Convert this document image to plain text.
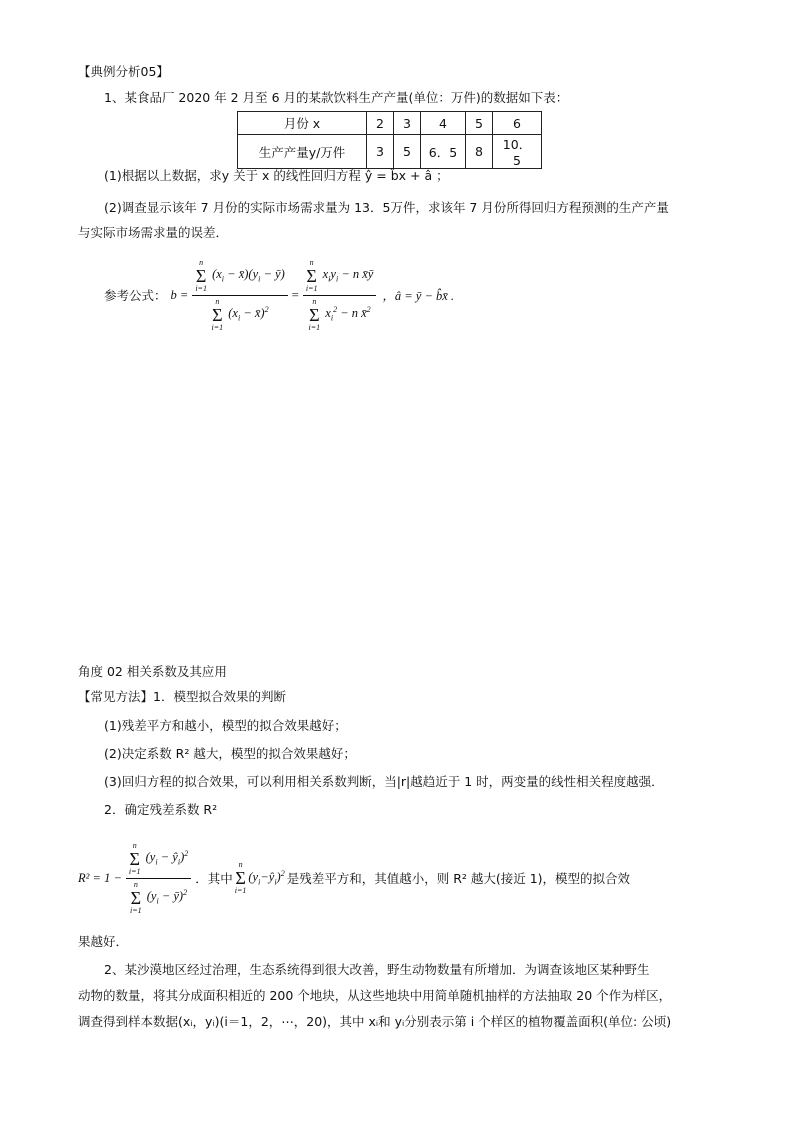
【典例分析05】
1、某食品厂 2020 年 2 月至 6 月的某款饮料生产产量(单位：万件)的数据如下表：
月份 x	2	3	4	5	6
生产产量y/万件	3	5	6．5	8	10．5
(1)根据以上数据，求y 关于 x 的线性回归方程 ŷ = b̂x + â ；
(2)调查显示该年 7 月份的实际市场需求量为 13．5万件，求该年 7 月份所得回归方程预测的生产产量
与实际市场需求量的误差．
参考公式： b = n
Σ
i=1
($x_i$ − $x̄)(y_i$ − ȳ)
n
Σ
i=1
($x_i$ − x̄)$^2$ = n
Σ
i=1
$x_iy_i - n$ x̄ȳ
n
Σ
i=1
$x_i^2 - n$ x̄$^2$ ，â = ȳ − b̂x̄ .
角度 02 相关系数及其应用
【常见方法】1．模型拟合效果的判断
(1)残差平方和越小，模型的拟合效果越好；
(2)决定系数 R² 越大，模型的拟合效果越好；
(3)回归方程的拟合效果，可以利用相关系数判断，当|r|越趋近于 1 时，两变量的线性相关程度越强．
2．确定残差系数 R²
R² = 1 − n
Σ
i=1
($y_i$ − $ŷ_i)^2$
n
Σ
i=1
($y_i$ − ȳ)$^2$ ．其中
n
Σ
i=1
$(y_i-ŷ_i)^2$ 是残差平方和，其值越小，则 R² 越大(接近 1)，模型的拟合效
果越好．
2、某沙漠地区经过治理，生态系统得到很大改善，野生动物数量有所增加．为调查该地区某种野生
动物的数量，将其分成面积相近的 200 个地块，从这些地块中用简单随机抽样的方法抽取 20 个作为样区，
调查得到样本数据(xᵢ，yᵢ)(i＝1，2，⋯，20)，其中 xᵢ和 yᵢ分别表示第 i 个样区的植物覆盖面积(单位: 公顷)
